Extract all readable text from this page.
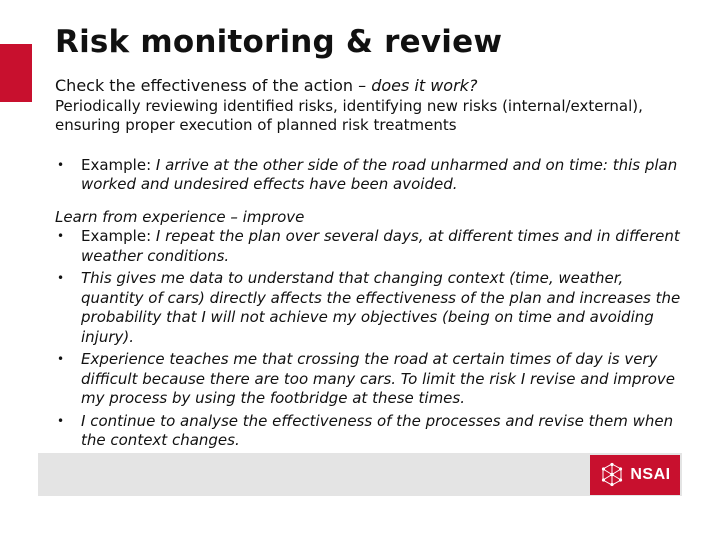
Risk monitoring & review

Check the effectiveness of the action – does it work?

Periodically reviewing identified risks, identifying new risks (internal/external), ensuring proper execution of planned risk treatments

• Example: I arrive at the other side of the road unharmed and on time: this plan worked and undesired effects have been avoided.

Learn from experience – improve

• Example: I repeat the plan over several days, at different times and in different weather conditions.
• This gives me data to understand that changing context (time, weather, quantity of cars) directly affects the effectiveness of the plan and increases the probability that I will not achieve my objectives (being on time and avoiding injury).
• Experience teaches me that crossing the road at certain times of day is very difficult because there are too many cars. To limit the risk I revise and improve my process by using the footbridge at these times.
• I continue to analyse the effectiveness of the processes and revise them when the context changes.
NSAI
